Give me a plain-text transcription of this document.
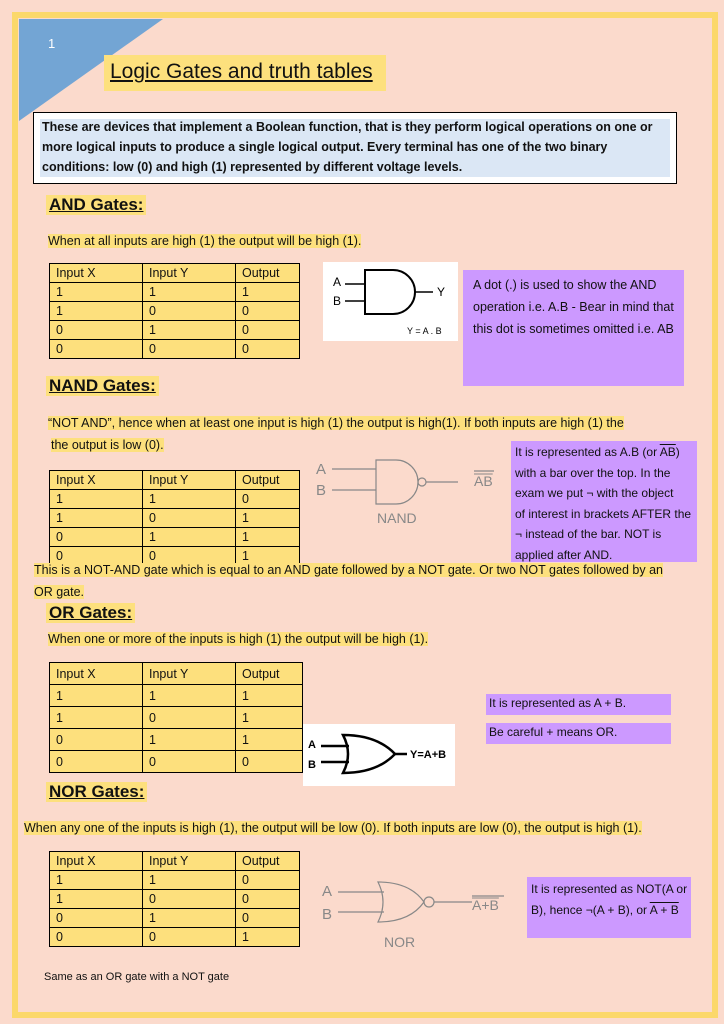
1
Logic Gates and truth tables
These are devices that implement a Boolean function, that is they perform logical operations on one or more logical inputs to produce a single logical output. Every terminal has one of the two binary conditions: low (0) and high (1) represented by different voltage levels.
AND Gates:
When at all inputs are high (1) the output will be high (1).
Input X	Input Y	Output
1	1	1
1	0	0
0	1	0
0	0	0
A
B
Y
Y = A . B
A dot (.) is used to show the AND operation i.e. A.B - Bear in mind that this dot is sometimes omitted i.e. AB
NAND Gates:
“NOT AND”, hence when at least one input is high (1) the output is high(1). If both inputs are high (1) the
the output is low (0).
Input X	Input Y	Output
1	1	0
1	0	1
0	1	1
0	0	1
A
B
AB
NAND
It is represented as A.B (or $\overline{AB}$)
with a bar over the top. In the
exam we put ¬ with the object
of interest in brackets AFTER the
¬ instead of the bar. NOT is
applied after AND.
This is a NOT-AND gate which is equal to an AND gate followed by a NOT gate. Or two NOT gates followed by an
OR gate.
OR Gates:
When one or more of the inputs is high (1) the output will be high (1).
Input X	Input Y	Output
1	1	1
1	0	1
0	1	1
0	0	0
A
B
Y=A+B
It is represented as A + B.
Be careful + means OR.
NOR Gates:
When any one of the inputs is high (1), the output will be low (0). If both inputs are low (0), the output is high (1).
Input X	Input Y	Output
1	1	0
1	0	0
0	1	0
0	0	1
A
B
A+B
NOR
It is represented as NOT(A or
B), hence ¬(A + B), or A + B
Same as an OR gate with a NOT gate
